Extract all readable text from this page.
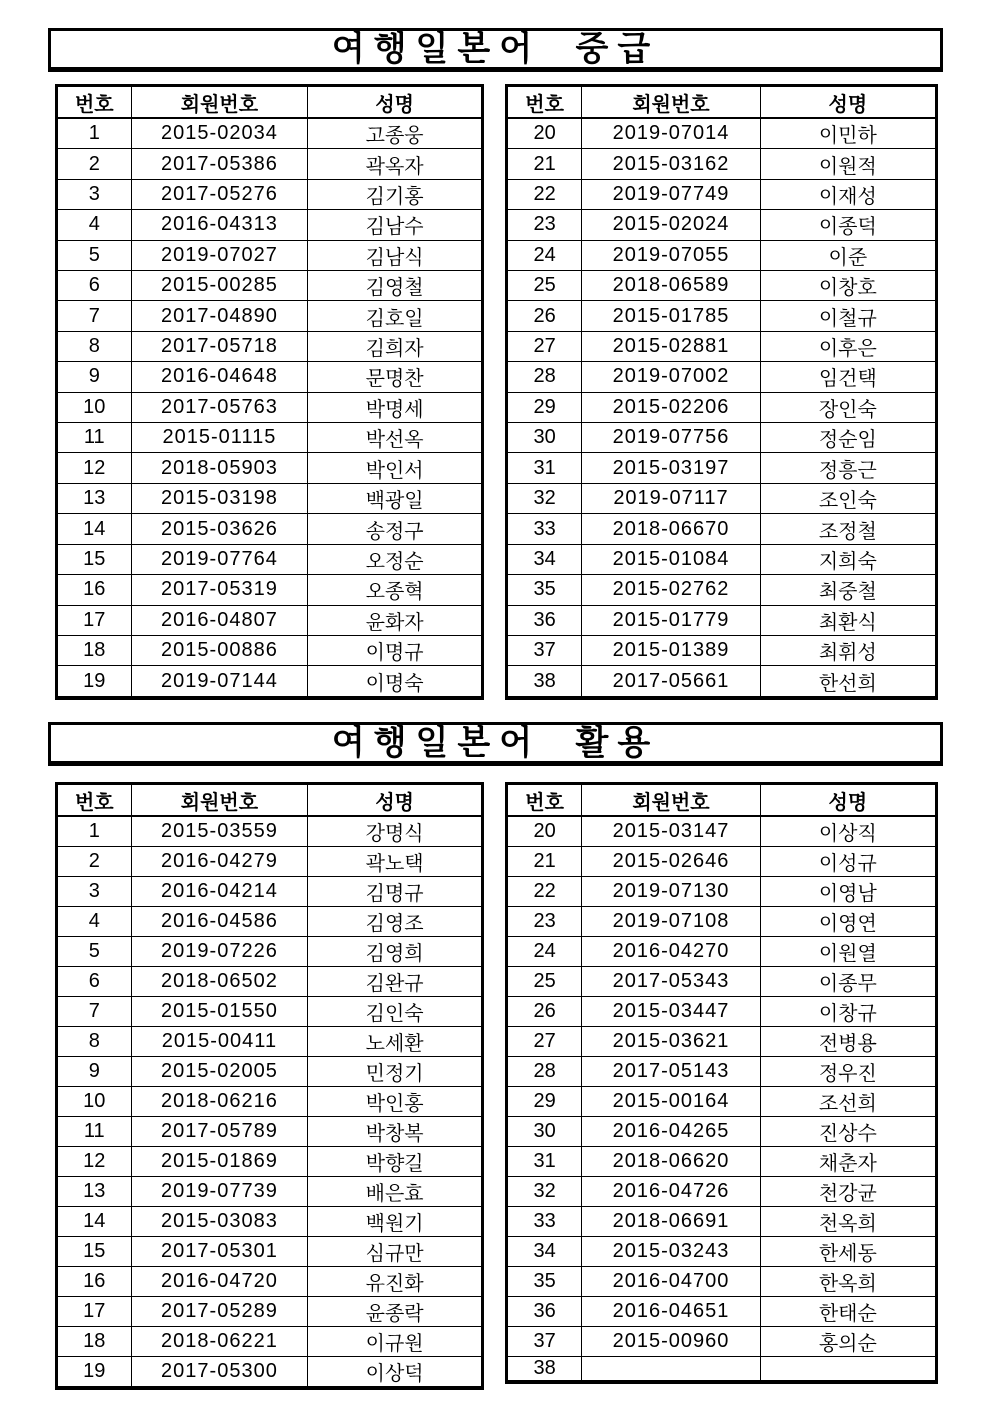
여행일본어 중급
번호	회원번호	성명
1	2015-02034	고종웅
2	2017-05386	곽옥자
3	2017-05276	김기홍
4	2016-04313	김남수
5	2019-07027	김남식
6	2015-00285	김영철
7	2017-04890	김호일
8	2017-05718	김희자
9	2016-04648	문명찬
10	2017-05763	박명세
11	2015-01115	박선옥
12	2018-05903	박인서
13	2015-03198	백광일
14	2015-03626	송정구
15	2019-07764	오정순
16	2017-05319	오종혁
17	2016-04807	윤화자
18	2015-00886	이명규
19	2019-07144	이명숙
번호	회원번호	성명
20	2019-07014	이민하
21	2015-03162	이원적
22	2019-07749	이재성
23	2015-02024	이종덕
24	2019-07055	이준
25	2018-06589	이창호
26	2015-01785	이철규
27	2015-02881	이후은
28	2019-07002	임건택
29	2015-02206	장인숙
30	2019-07756	정순임
31	2015-03197	정흥근
32	2019-07117	조인숙
33	2018-06670	조정철
34	2015-01084	지희숙
35	2015-02762	최중철
36	2015-01779	최환식
37	2015-01389	최휘성
38	2017-05661	한선희
여행일본어 활용
번호	회원번호	성명
1	2015-03559	강명식
2	2016-04279	곽노택
3	2016-04214	김명규
4	2016-04586	김영조
5	2019-07226	김영희
6	2018-06502	김완규
7	2015-01550	김인숙
8	2015-00411	노세환
9	2015-02005	민정기
10	2018-06216	박인홍
11	2017-05789	박창복
12	2015-01869	박향길
13	2019-07739	배은효
14	2015-03083	백원기
15	2017-05301	심규만
16	2016-04720	유진화
17	2017-05289	윤종락
18	2018-06221	이규원
19	2017-05300	이상덕
번호	회원번호	성명
20	2015-03147	이상직
21	2015-02646	이성규
22	2019-07130	이영남
23	2019-07108	이영연
24	2016-04270	이원열
25	2017-05343	이종무
26	2015-03447	이창규
27	2015-03621	전병용
28	2017-05143	정우진
29	2015-00164	조선희
30	2016-04265	진상수
31	2018-06620	채춘자
32	2016-04726	천강균
33	2018-06691	천옥희
34	2015-03243	한세동
35	2016-04700	한옥희
36	2016-04651	한태순
37	2015-00960	홍의순
38		
